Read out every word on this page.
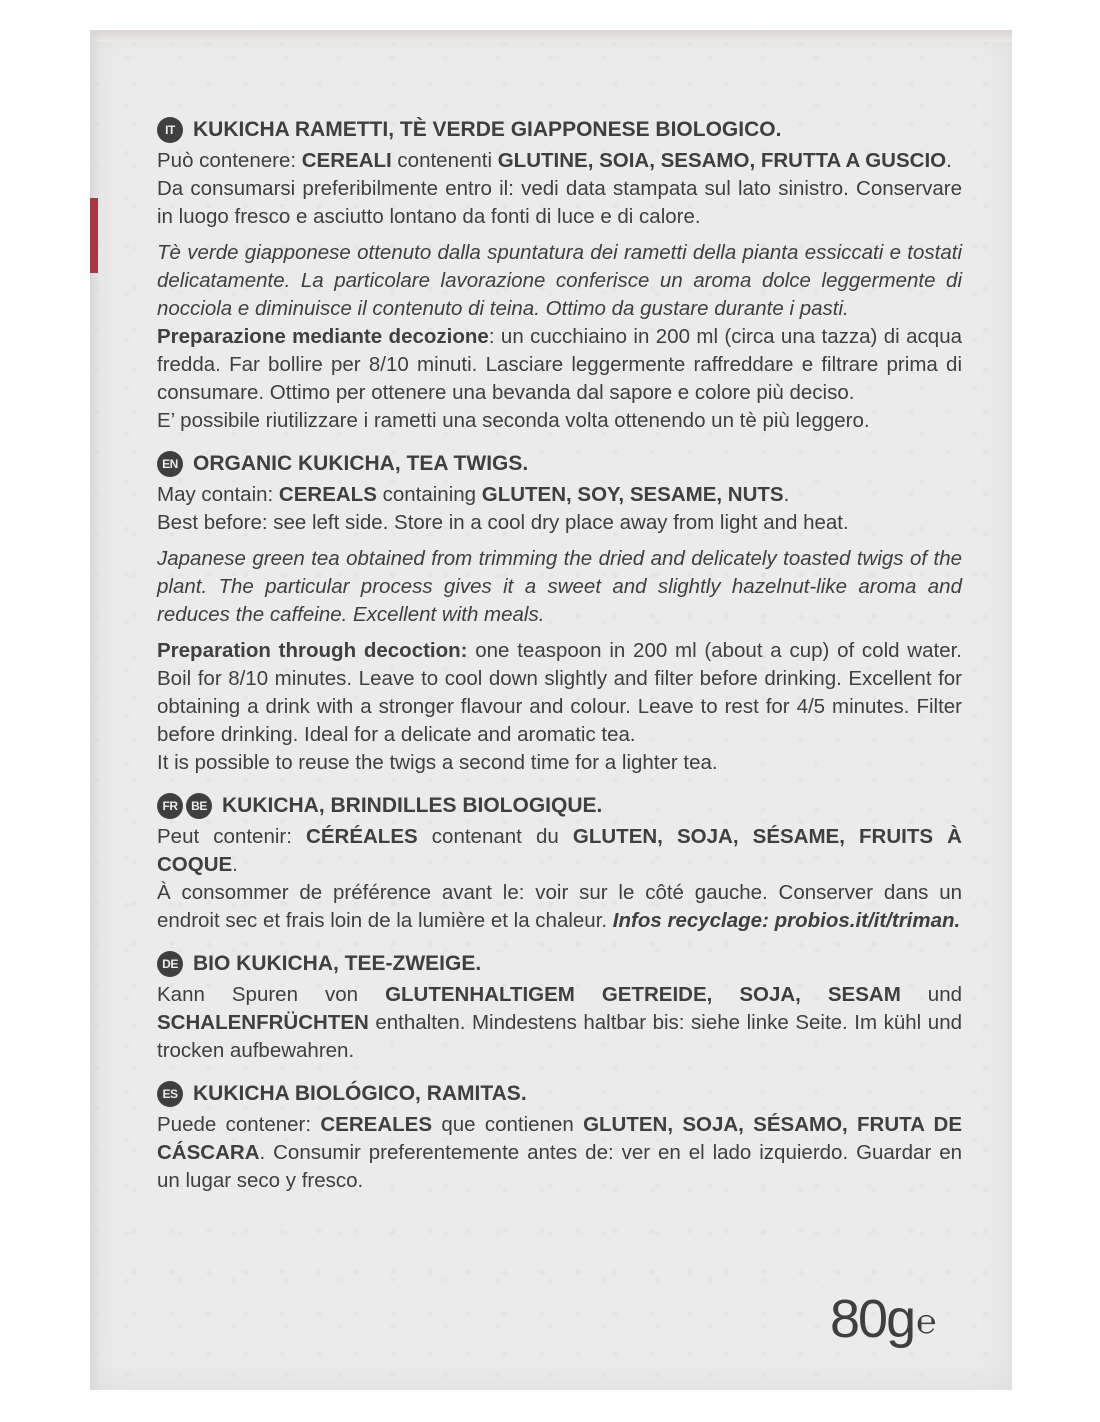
IT KUKICHA RAMETTI, TÈ VERDE GIAPPONESE BIOLOGICO.

Può contenere: CEREALI contenenti GLUTINE, SOIA, SESAMO, FRUTTA A GUSCIO.

Da consumarsi preferibilmente entro il: vedi data stampata sul lato sinistro. Conservare in luogo fresco e asciutto lontano da fonti di luce e di calore.

Tè verde giapponese ottenuto dalla spuntatura dei rametti della pianta essiccati e tostati delicatamente. La particolare lavorazione conferisce un aroma dolce leggermente di nocciola e diminuisce il contenuto di teina. Ottimo da gustare durante i pasti.

Preparazione mediante decozione: un cucchiaino in 200 ml (circa una tazza) di acqua fredda. Far bollire per 8/10 minuti. Lasciare leggermente raffreddare e filtrare prima di consumare. Ottimo per ottenere una bevanda dal sapore e colore più deciso.

E’ possibile riutilizzare i rametti una seconda volta ottenendo un tè più leggero.

EN ORGANIC KUKICHA, TEA TWIGS.

May contain: CEREALS containing GLUTEN, SOY, SESAME, NUTS.

Best before: see left side. Store in a cool dry place away from light and heat.

Japanese green tea obtained from trimming the dried and delicately toasted twigs of the plant. The particular process gives it a sweet and slightly hazelnut-like aroma and reduces the caffeine. Excellent with meals.

Preparation through decoction: one teaspoon in 200 ml (about a cup) of cold water. Boil for 8/10 minutes. Leave to cool down slightly and filter before drinking. Excellent for obtaining a drink with a stronger flavour and colour. Leave to rest for 4/5 minutes. Filter before drinking. Ideal for a delicate and aromatic tea.

It is possible to reuse the twigs a second time for a lighter tea.

FR	BE KUKICHA, BRINDILLES BIOLOGIQUE.

Peut contenir: CÉRÉALES contenant du GLUTEN, SOJA, SÉSAME, FRUITS À COQUE.

À consommer de préférence avant le: voir sur le côté gauche. Conserver dans un endroit sec et frais loin de la lumière et la chaleur. Infos recyclage: probios.it/it/triman.

DE BIO KUKICHA, TEE-ZWEIGE.

Kann Spuren von GLUTENHALTIGEM GETREIDE, SOJA, SESAM und SCHALENFRÜCHTEN enthalten. Mindestens haltbar bis: siehe linke Seite. Im kühl und trocken aufbewahren.

ES KUKICHA BIOLÓGICO, RAMITAS.

Puede contener: CEREALES que contienen GLUTEN, SOJA, SÉSAMO, FRUTA DE CÁSCARA. Consumir preferentemente antes de: ver en el lado izquierdo. Guardar en un lugar seco y fresco.

80g℮
